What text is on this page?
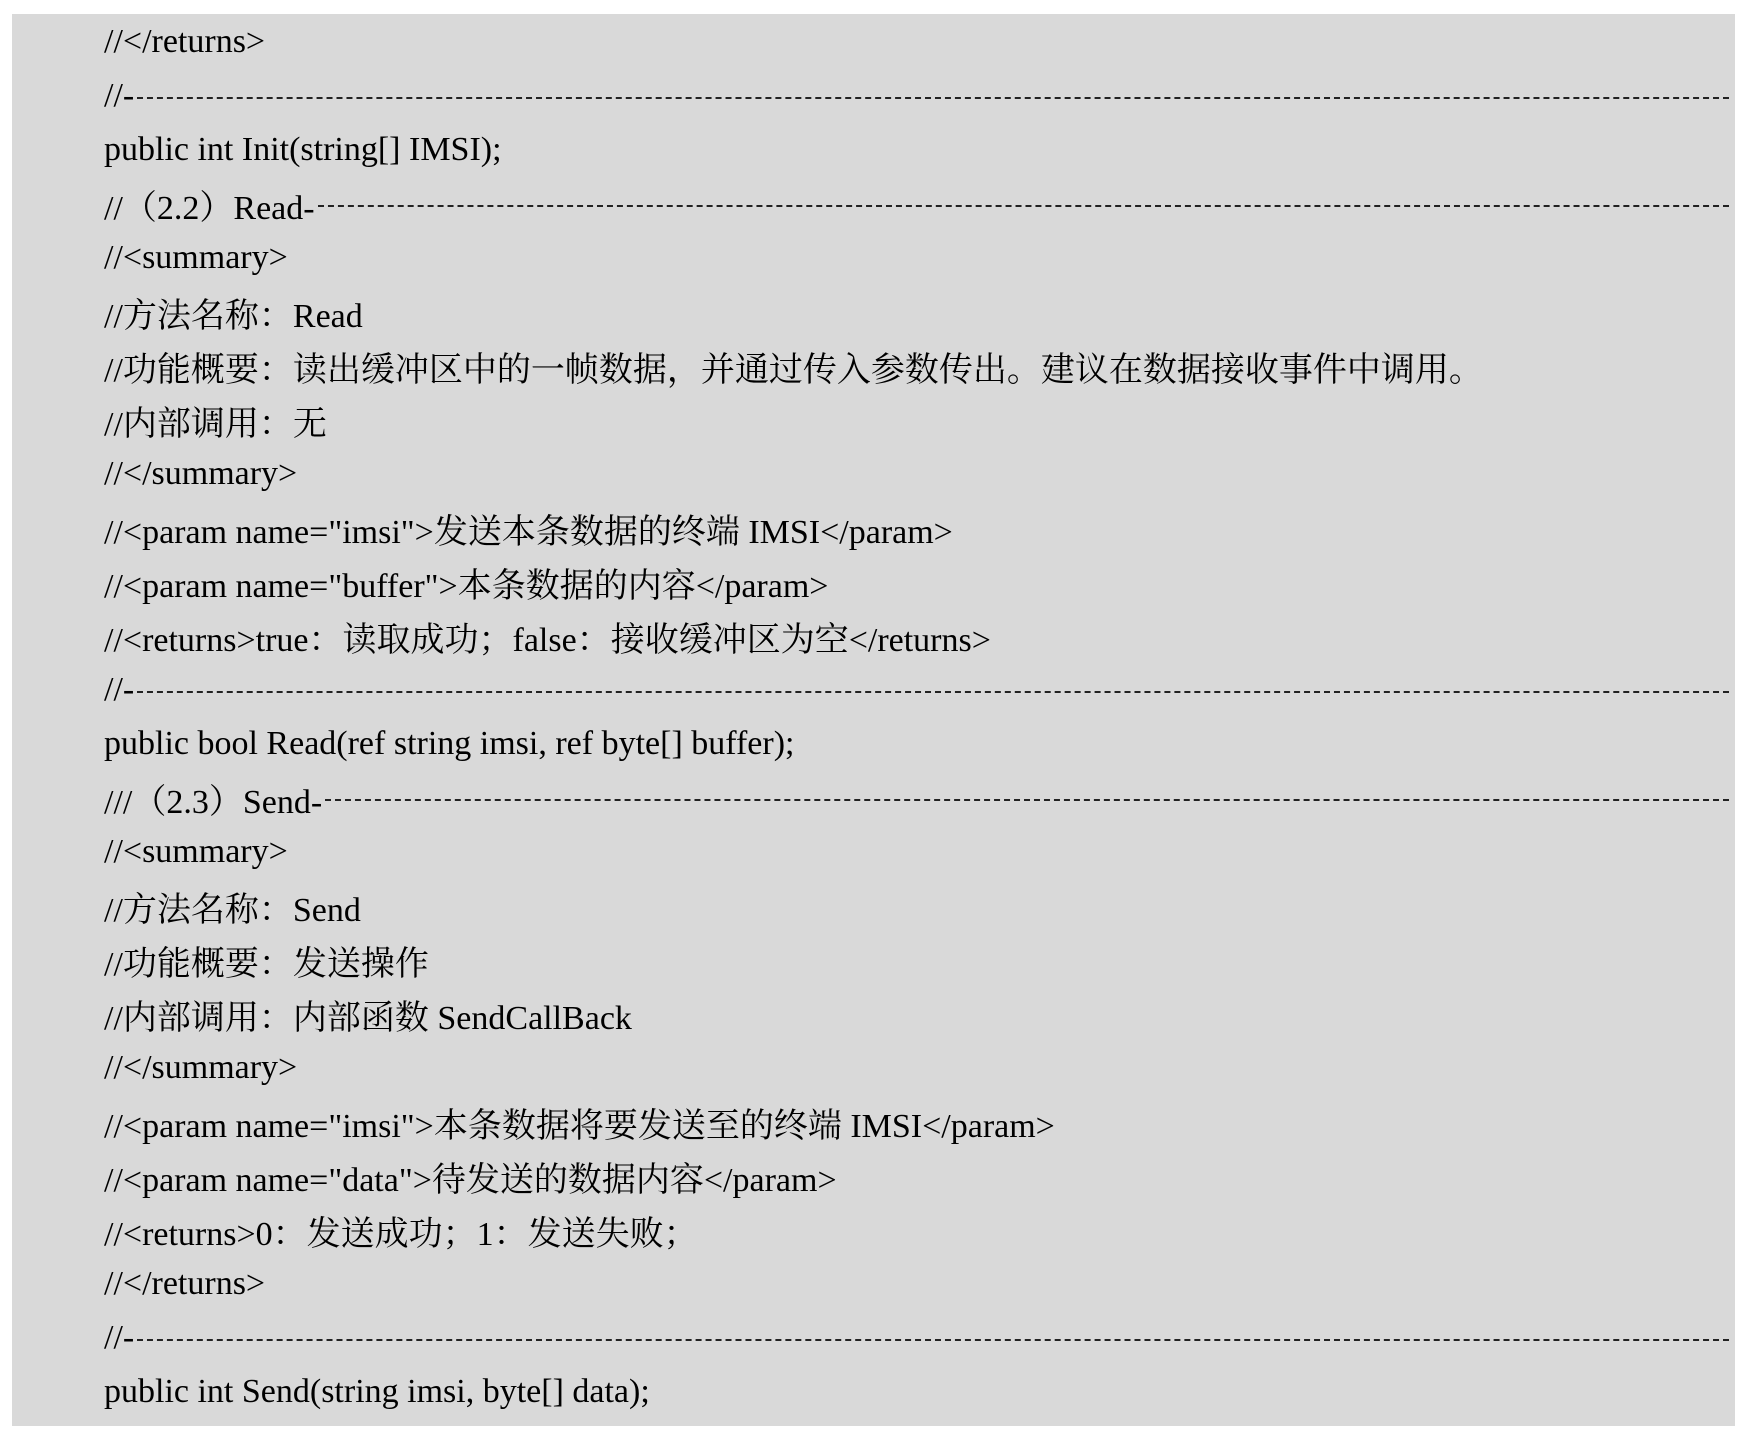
//</returns>
//-
public int Init(string[] IMSI);
//（2.2）Read-
//<summary>
//方法名称：Read
//功能概要：读出缓冲区中的一帧数据，并通过传入参数传出。建议在数据接收事件中调用。
//内部调用：无
//</summary>
//<param name="imsi">发送本条数据的终端 IMSI</param>
//<param name="buffer">本条数据的内容</param>
//<returns>true：读取成功；false：接收缓冲区为空</returns>
//-
public bool Read(ref string imsi, ref byte[] buffer);
///（2.3）Send-
//<summary>
//方法名称：Send
//功能概要：发送操作
//内部调用：内部函数 SendCallBack
//</summary>
//<param name="imsi">本条数据将要发送至的终端 IMSI</param>
//<param name="data">待发送的数据内容</param>
//<returns>0：发送成功；1：发送失败；
//</returns>
//-
public int Send(string imsi, byte[] data);
